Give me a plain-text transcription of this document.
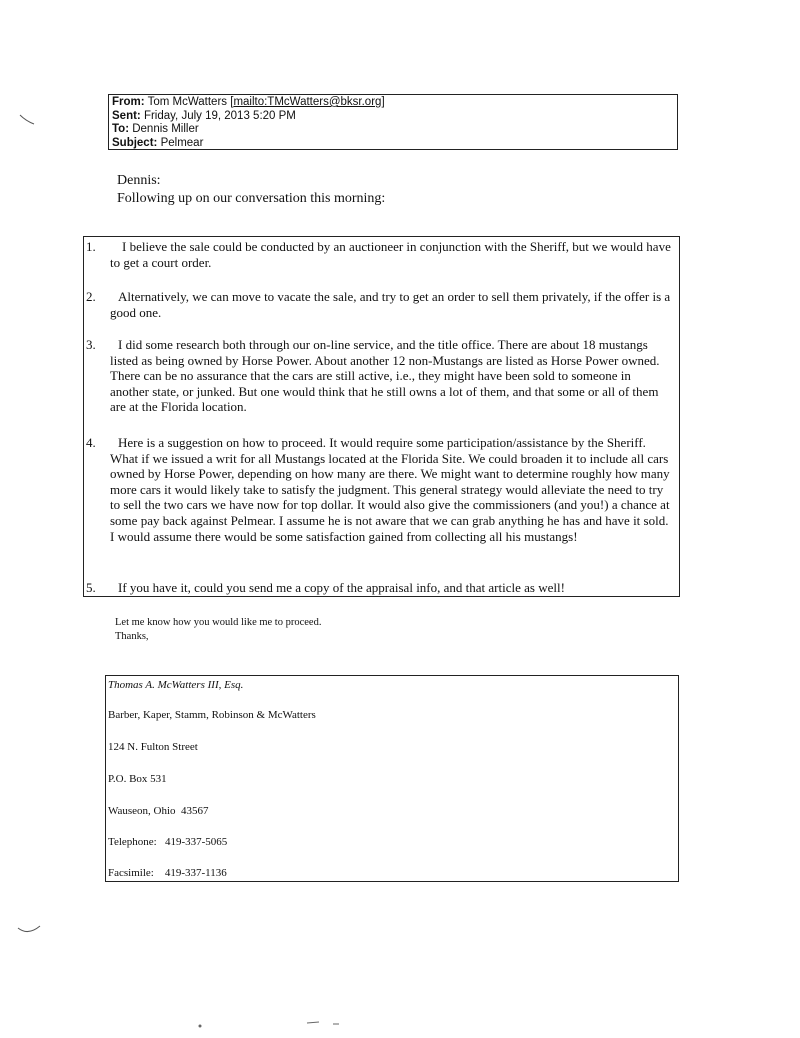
From: Tom McWatters [mailto:TMcWatters@bksr.org]
Sent: Friday, July 19, 2013 5:20 PM
To: Dennis Miller
Subject: Pelmear
Dennis:
Following up on our conversation this morning:
1.	I believe the sale could be conducted by an auctioneer in conjunction with the Sheriff, but we would have to get a court order.
2.	Alternatively, we can move to vacate the sale, and try to get an order to sell them privately, if the offer is a good one.
3.	I did some research both through our on-line service, and the title office. There are about 18 mustangs listed as being owned by Horse Power. About another 12 non-Mustangs are listed as Horse Power owned. There can be no assurance that the cars are still active, i.e., they might have been sold to someone in another state, or junked. But one would think that he still owns a lot of them, and that some or all of them are at the Florida location.
4.	Here is a suggestion on how to proceed. It would require some participation/assistance by the Sheriff. What if we issued a writ for all Mustangs located at the Florida Site. We could broaden it to include all cars owned by Horse Power, depending on how many are there. We might want to determine roughly how many more cars it would likely take to satisfy the judgment. This general strategy would alleviate the need to try to sell the two cars we have now for top dollar. It would also give the commissioners (and you!) a chance at some pay back against Pelmear. I assume he is not aware that we can grab anything he has and have it sold. I would assume there would be some satisfaction gained from collecting all his mustangs!
5.	If you have it, could you send me a copy of the appraisal info, and that article as well!
Let me know how you would like me to proceed.
Thanks,
Thomas A. McWatters III, Esq.
Barber, Kaper, Stamm, Robinson & McWatters
124 N. Fulton Street
P.O. Box 531
Wauseon, Ohio  43567
Telephone:   419-337-5065
Facsimile:    419-337-1136
